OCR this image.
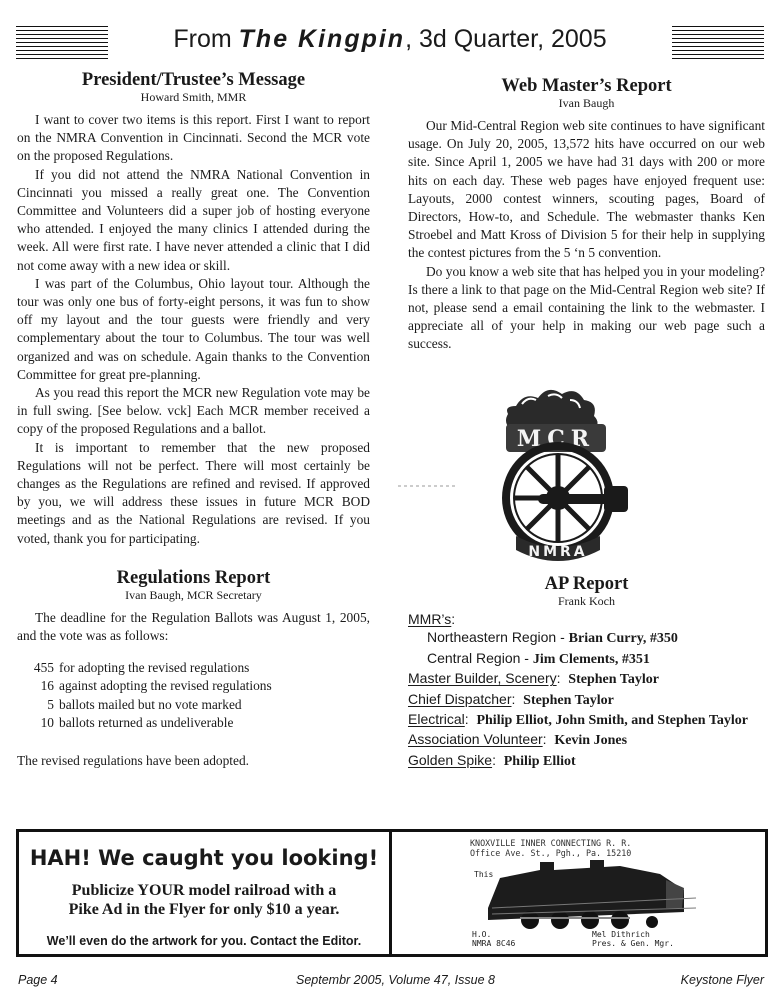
From The Kingpin, 3d Quarter, 2005
President/Trustee’s Message
Howard Smith, MMR

I want to cover two items is this report. First I want to report on the NMRA Convention in Cincinnati. Second the MCR vote on the proposed Regulations.

If you did not attend the NMRA National Convention in Cincinnati you missed a really great one. The Convention Committee and Volunteers did a super job of hosting everyone who attended. I enjoyed the many clinics I attended during the week. All were first rate. I have never attended a clinic that I did not come away with a new idea or skill.

I was part of the Columbus, Ohio layout tour. Although the tour was only one bus of forty-eight persons, it was fun to show off my layout and the tour guests were friendly and very complementary about the tour to Columbus. The tour was well organized and was on schedule. Again thanks to the Convention Committee for great pre-planning.

As you read this report the MCR new Regulation vote may be in full swing. [See below. vck] Each MCR member received a copy of the proposed Regulations and a ballot.

It is important to remember that the new proposed Regulations will not be perfect. There will most certainly be changes as the Regulations are refined and revised. If approved by you, we will address these issues in future MCR BOD meetings and as the National Regulations are revised. If you voted, thank you for participating.

Regulations Report
Ivan Baugh, MCR Secretary

The deadline for the Regulation Ballots was August 1, 2005, and the vote was as follows:

455 for adopting the revised regulations
16 against adopting the revised regulations
5 ballots mailed but no vote marked
10 ballots returned as undeliverable
The revised regulations have been adopted.
Web Master’s Report
Ivan Baugh

Our Mid-Central Region web site continues to have significant usage. On July 20, 2005, 13,572 hits have occurred on our web site. Since April 1, 2005 we have had 31 days with 200 or more hits on each day. These web pages have enjoyed frequent use: Layouts, 2000 contest winners, scouting pages, Board of Directors, How-to, and Schedule. The webmaster thanks Ken Stroebel and Matt Kross of Division 5 for their help in supplying the contest pictures from the 5 ‘n 5 convention.

Do you know a web site that has helped you in your modeling? Is there a link to that page on the Mid-Central Region web site? If not, please send a email containing the link to the webmaster. I appreciate all of your help in making our web page such a success.

MCR
NMRA
AP Report
Frank Koch
MMR’s:
Northeastern Region - Brian Curry, #350
Central Region - Jim Clements, #351
Master Builder, Scenery:  Stephen Taylor
Chief Dispatcher:  Stephen Taylor
Electrical:  Philip Elliot, John Smith, and Stephen Taylor
Association Volunteer:  Kevin Jones
Golden Spike:  Philip Elliot
HAH! We caught you looking!
Publicize YOUR model railroad with a
Pike Ad in the Flyer for only $10 a year.
We’ll even do the artwork for you. Contact the Editor.
KNOXVILLE INNER CONNECTING R. R.
Office Ave. St., Pgh., Pa. 15210
This
H.O.
NMRA 8C46
Mel Dithrich
Pres. & Gen. Mgr.
Page 4	Septembr 2005, Volume 47, Issue 8	Keystone Flyer
